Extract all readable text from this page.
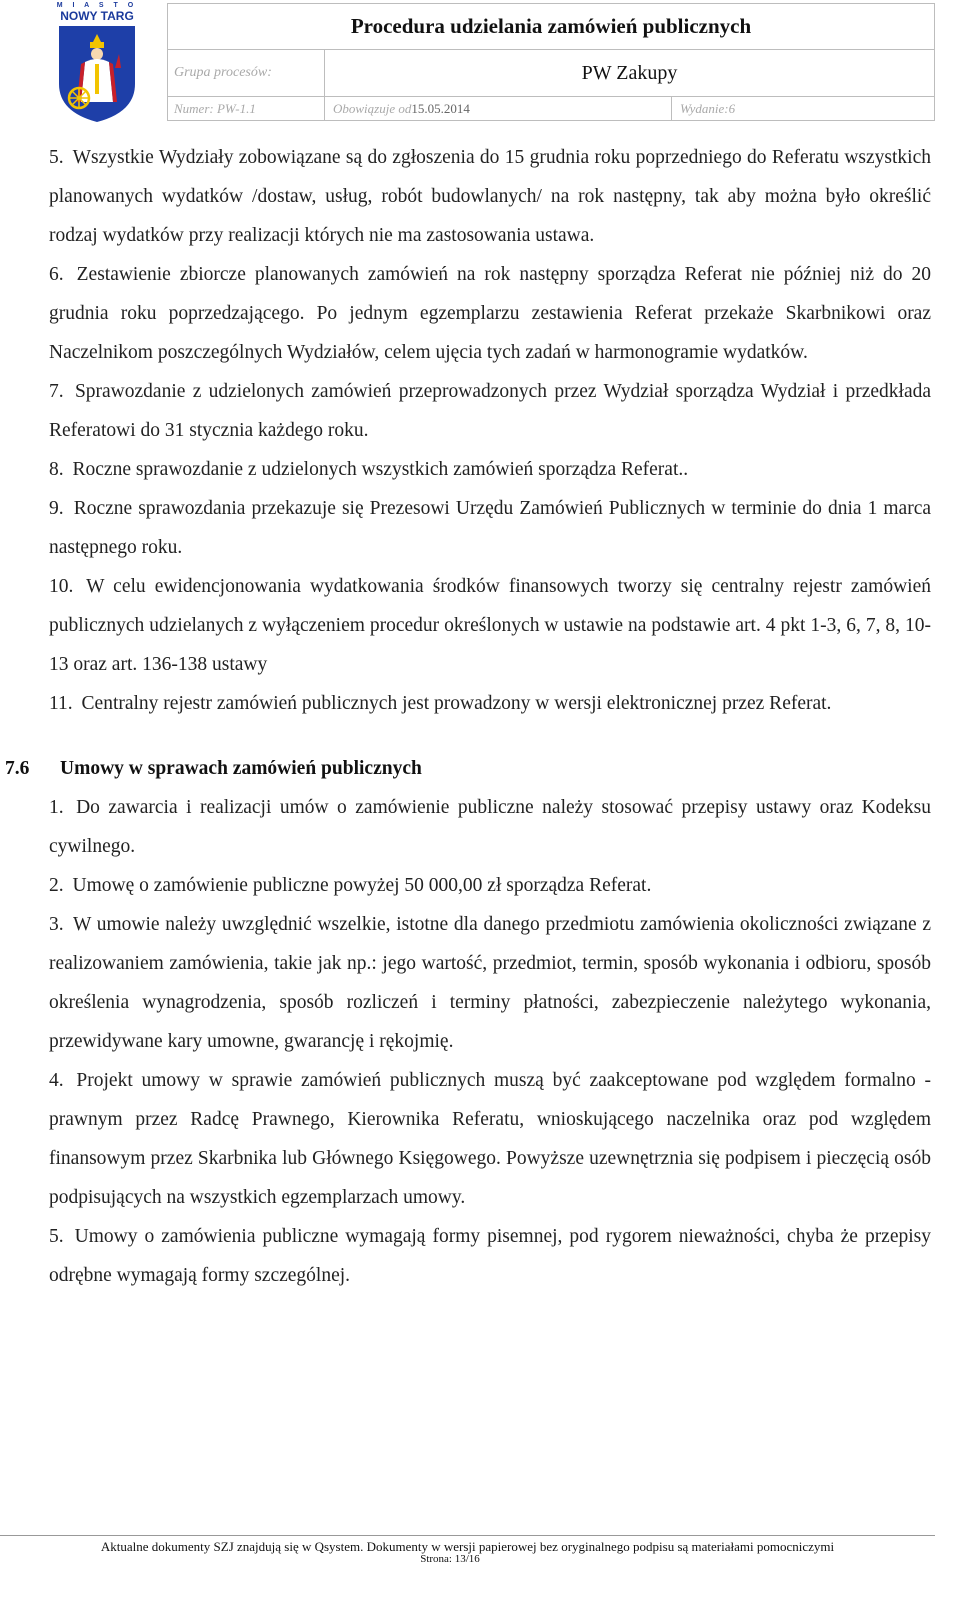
M I A S T O
NOWY TARG	Procedura udzielania zamówień publicznych
Grupa procesów:	PW Zakupy
Numer: PW-1.1	Obowiązuje od 15.05.2014	Wydanie:6

5. Wszystkie Wydziały zobowiązane są do zgłoszenia do 15 grudnia roku poprzedniego do Referatu wszystkich planowanych wydatków /dostaw, usług, robót budowlanych/ na rok następny, tak aby można było określić rodzaj wydatków przy realizacji których nie ma zastosowania ustawa.

6. Zestawienie zbiorcze planowanych zamówień na rok następny sporządza Referat nie później niż do 20 grudnia roku poprzedzającego. Po jednym egzemplarzu zestawienia Referat przekaże Skarbnikowi oraz Naczelnikom poszczególnych Wydziałów, celem ujęcia tych zadań w harmonogramie wydatków.

7. Sprawozdanie z udzielonych zamówień przeprowadzonych przez Wydział sporządza Wydział i przedkłada Referatowi do 31 stycznia każdego roku.

8. Roczne sprawozdanie z udzielonych wszystkich zamówień sporządza Referat..

9. Roczne sprawozdania przekazuje się Prezesowi Urzędu Zamówień Publicznych w terminie do dnia 1 marca następnego roku.

10. W celu ewidencjonowania wydatkowania środków finansowych tworzy się centralny rejestr zamówień publicznych udzielanych z wyłączeniem procedur określonych w ustawie na podstawie art. 4 pkt 1-3, 6, 7, 8, 10-13 oraz art. 136-138 ustawy

11. Centralny rejestr zamówień publicznych jest prowadzony w wersji elektronicznej przez Referat.

7.6 Umowy w sprawach zamówień publicznych

1. Do zawarcia i realizacji umów o zamówienie publiczne należy stosować przepisy ustawy oraz Kodeksu cywilnego.

2. Umowę o zamówienie publiczne powyżej 50 000,00 zł sporządza Referat.

3. W umowie należy uwzględnić wszelkie, istotne dla danego przedmiotu zamówienia okoliczności związane z realizowaniem zamówienia, takie jak np.: jego wartość, przedmiot, termin, sposób wykonania i odbioru, sposób określenia wynagrodzenia, sposób rozliczeń i terminy płatności, zabezpieczenie należytego wykonania, przewidywane kary umowne, gwarancję i rękojmię.

4. Projekt umowy w sprawie zamówień publicznych muszą być zaakceptowane pod względem formalno - prawnym przez Radcę Prawnego, Kierownika Referatu, wnioskującego naczelnika oraz pod względem finansowym przez Skarbnika lub Głównego Księgowego. Powyższe uzewnętrznia się podpisem i pieczęcią osób podpisujących na wszystkich egzemplarzach umowy.

5. Umowy o zamówienia publiczne wymagają formy pisemnej, pod rygorem nieważności, chyba że przepisy odrębne wymagają formy szczególnej.

Aktualne dokumenty SZJ znajdują się w Qsystem. Dokumenty w wersji papierowej bez oryginalnego podpisu są materiałami pomocniczymi
Strona: 13/16
